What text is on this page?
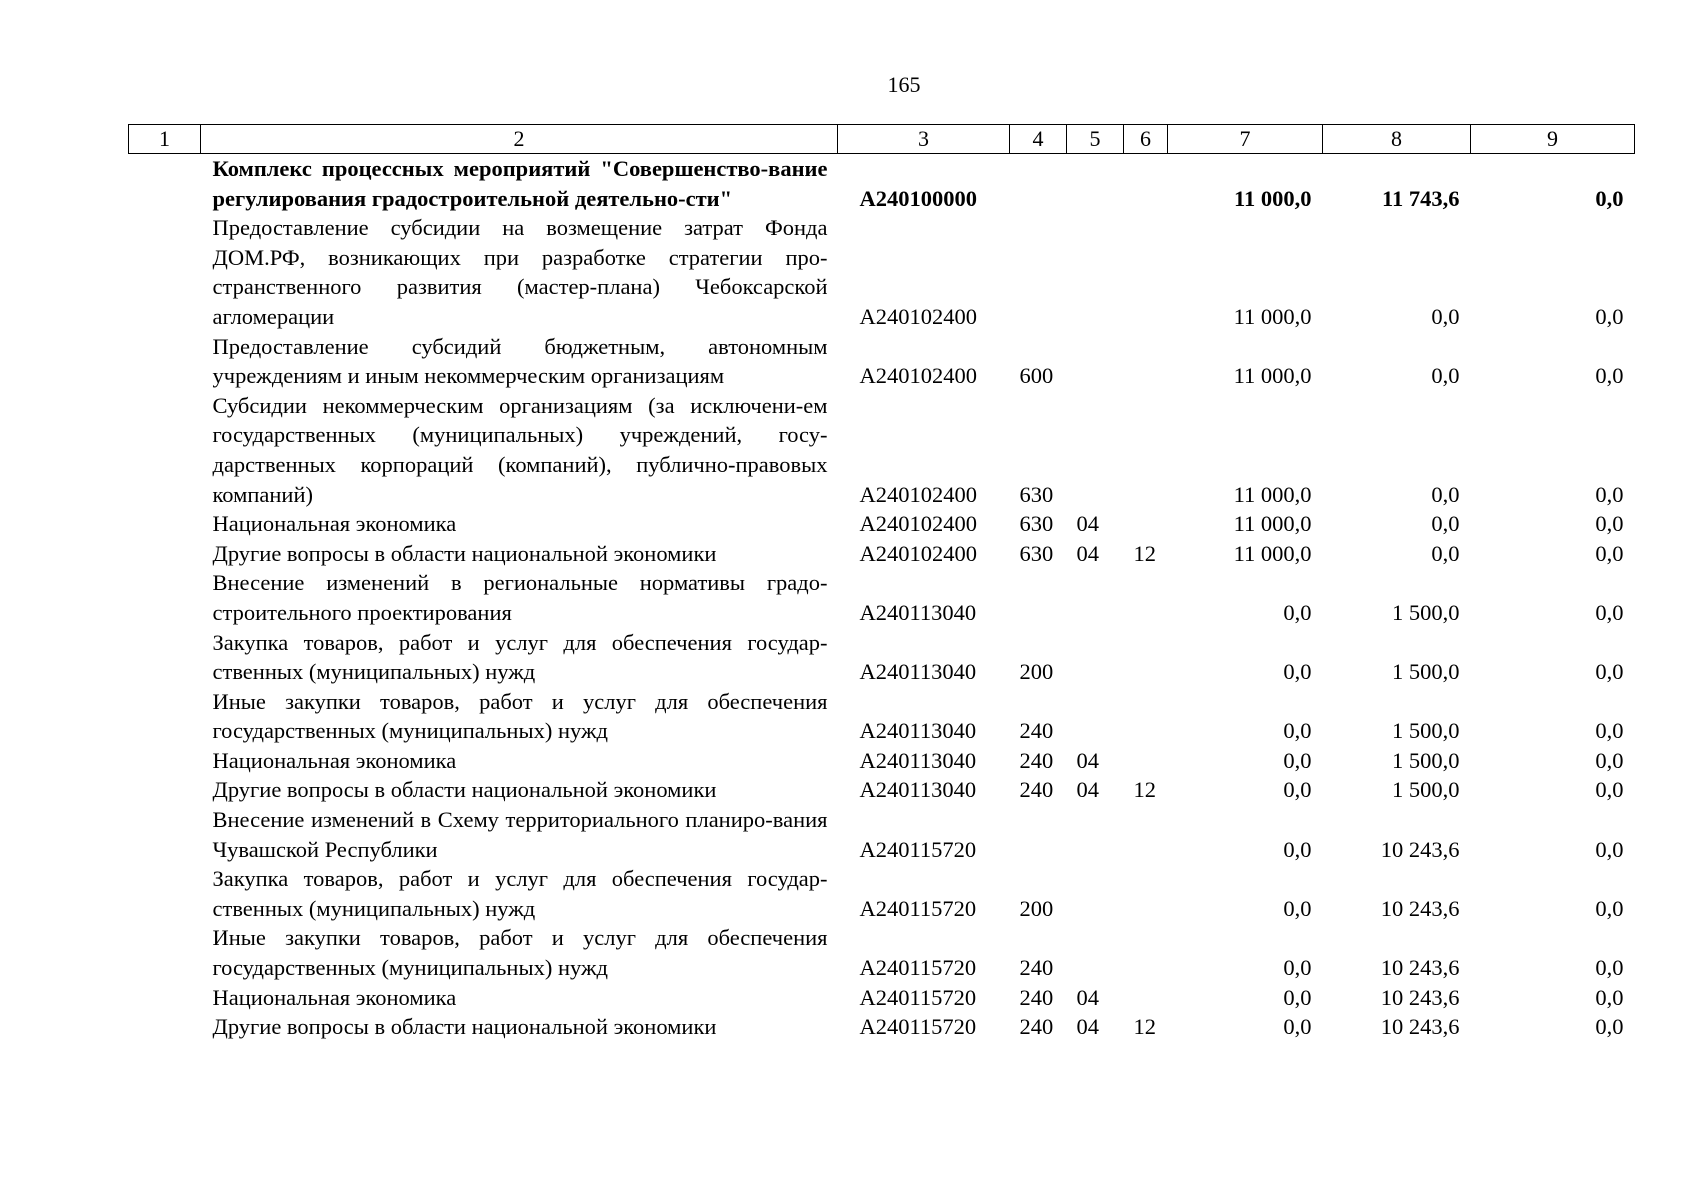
165
1	2	3	4	5	6	7	8	9
	Комплекс процессных мероприятий "Совершенство-вание регулирования градостроительной деятельно-сти"	А240100000				11 000,0	11 743,6	0,0
	Предоставление субсидии на возмещение затрат Фонда ДОМ.РФ, возникающих при разработке стратегии про-странственного развития (мастер-плана) Чебоксарской агломерации	А240102400				11 000,0	0,0	0,0
	Предоставление субсидий бюджетным, автономным учреждениям и иным некоммерческим организациям	А240102400	600			11 000,0	0,0	0,0
	Субсидии некоммерческим организациям (за исключени-ем государственных (муниципальных) учреждений, госу-дарственных корпораций (компаний), публично-правовых компаний)	А240102400	630			11 000,0	0,0	0,0
	Национальная экономика	А240102400	630	04		11 000,0	0,0	0,0
	Другие вопросы в области национальной экономики	А240102400	630	04	12	11 000,0	0,0	0,0
	Внесение изменений в региональные нормативы градо-строительного проектирования	А240113040				0,0	1 500,0	0,0
	Закупка товаров, работ и услуг для обеспечения государ-ственных (муниципальных) нужд	А240113040	200			0,0	1 500,0	0,0
	Иные закупки товаров, работ и услуг для обеспечения государственных (муниципальных) нужд	А240113040	240			0,0	1 500,0	0,0
	Национальная экономика	А240113040	240	04		0,0	1 500,0	0,0
	Другие вопросы в области национальной экономики	А240113040	240	04	12	0,0	1 500,0	0,0
	Внесение изменений в Схему территориального планиро-вания Чувашской Республики	А240115720				0,0	10 243,6	0,0
	Закупка товаров, работ и услуг для обеспечения государ-ственных (муниципальных) нужд	А240115720	200			0,0	10 243,6	0,0
	Иные закупки товаров, работ и услуг для обеспечения государственных (муниципальных) нужд	А240115720	240			0,0	10 243,6	0,0
	Национальная экономика	А240115720	240	04		0,0	10 243,6	0,0
	Другие вопросы в области национальной экономики	А240115720	240	04	12	0,0	10 243,6	0,0
